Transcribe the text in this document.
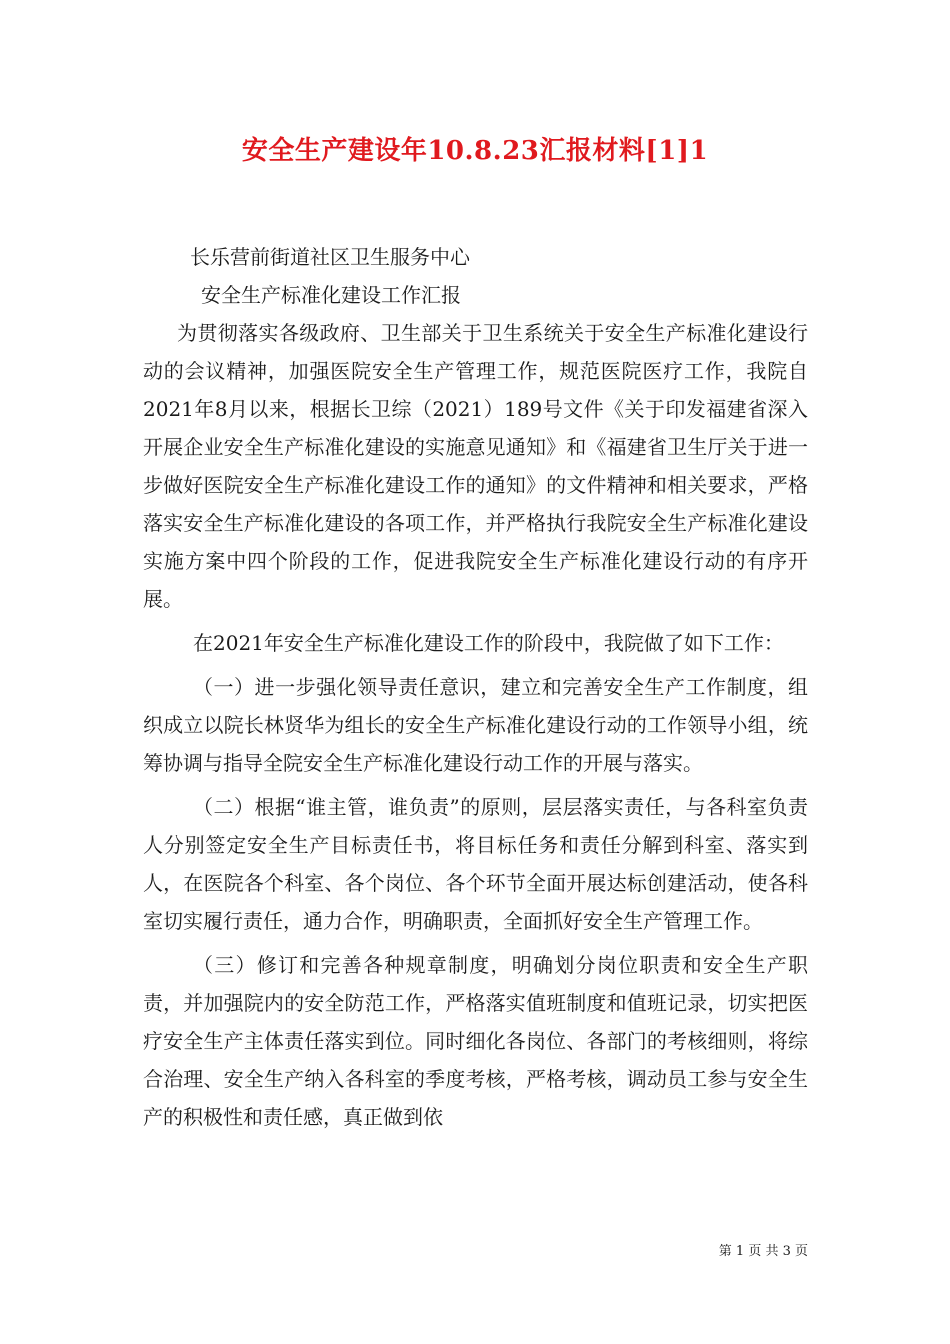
安全生产建设年10.8.23汇报材料[1]1

长乐营前街道社区卫生服务中心

安全生产标准化建设工作汇报

为贯彻落实各级政府、卫生部关于卫生系统关于安全生产标准化建设行动的会议精神，加强医院安全生产管理工作，规范医院医疗工作，我院自2021年8月以来，根据长卫综（2021）189号文件《关于印发福建省深入开展企业安全生产标准化建设的实施意见通知》和《福建省卫生厅关于进一步做好医院安全生产标准化建设工作的通知》的文件精神和相关要求，严格落实安全生产标准化建设的各项工作，并严格执行我院安全生产标准化建设实施方案中四个阶段的工作，促进我院安全生产标准化建设行动的有序开展。

在2021年安全生产标准化建设工作的阶段中，我院做了如下工作：

（一）进一步强化领导责任意识，建立和完善安全生产工作制度，组织成立以院长林贤华为组长的安全生产标准化建设行动的工作领导小组，统筹协调与指导全院安全生产标准化建设行动工作的开展与落实。

（二）根据“谁主管，谁负责”的原则，层层落实责任，与各科室负责人分别签定安全生产目标责任书，将目标任务和责任分解到科室、落实到人，在医院各个科室、各个岗位、各个环节全面开展达标创建活动，使各科室切实履行责任，通力合作，明确职责，全面抓好安全生产管理工作。

（三）修订和完善各种规章制度，明确划分岗位职责和安全生产职责，并加强院内的安全防范工作，严格落实值班制度和值班记录，切实把医疗安全生产主体责任落实到位。同时细化各岗位、各部门的考核细则，将综合治理、安全生产纳入各科室的季度考核，严格考核，调动员工参与安全生产的积极性和责任感，真正做到依

第 1 页 共 3 页
